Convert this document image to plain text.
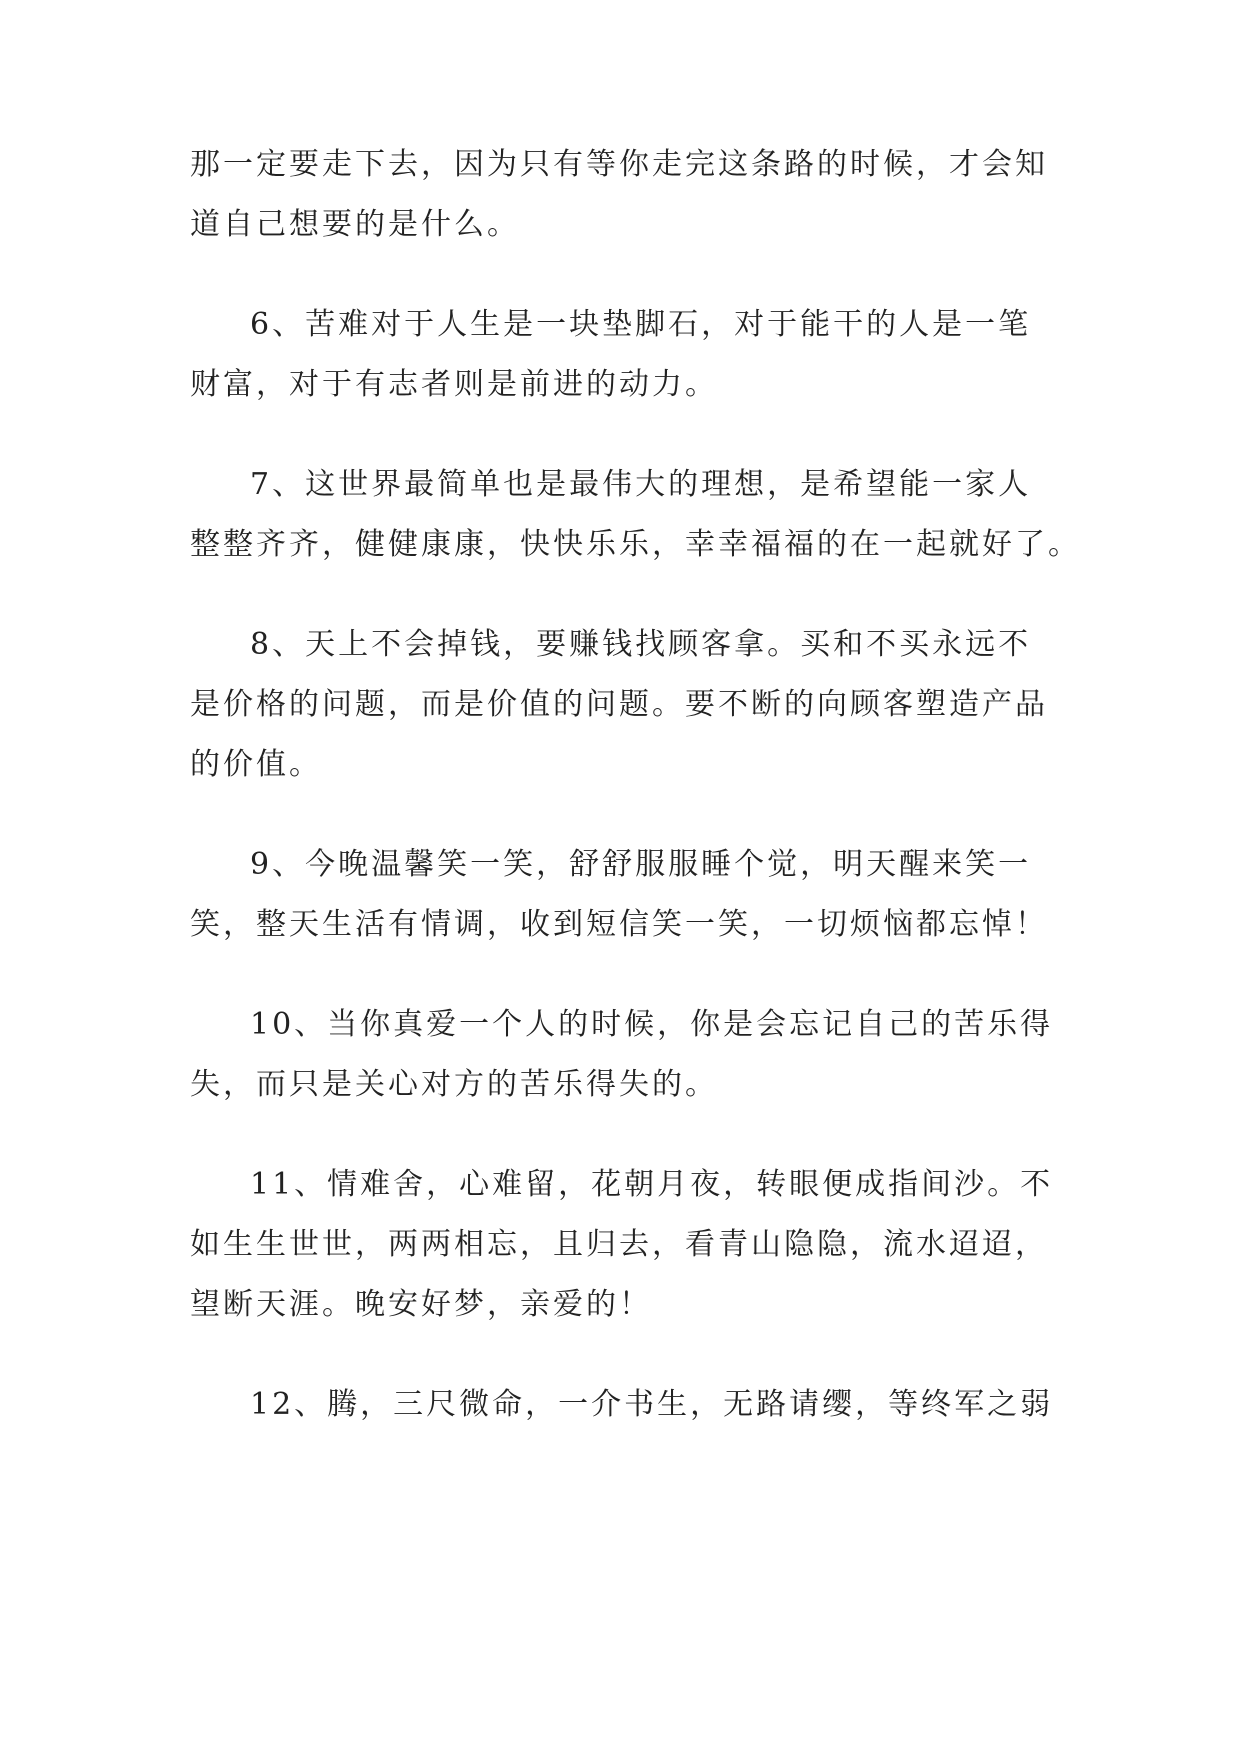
那一定要走下去，因为只有等你走完这条路的时候，才会知
道自己想要的是什么。
6、苦难对于人生是一块垫脚石，对于能干的人是一笔
财富，对于有志者则是前进的动力。
7、这世界最简单也是最伟大的理想，是希望能一家人
整整齐齐，健健康康，快快乐乐，幸幸福福的在一起就好了。
8、天上不会掉钱，要赚钱找顾客拿。买和不买永远不
是价格的问题，而是价值的问题。要不断的向顾客塑造产品
的价值。
9、今晚温馨笑一笑，舒舒服服睡个觉，明天醒来笑一
笑，整天生活有情调，收到短信笑一笑，一切烦恼都忘悼！
10、当你真爱一个人的时候，你是会忘记自己的苦乐得
失，而只是关心对方的苦乐得失的。
11、情难舍，心难留，花朝月夜，转眼便成指间沙。不
如生生世世，两两相忘，且归去，看青山隐隐，流水迢迢，
望断天涯。晚安好梦，亲爱的！
12、腾，三尺微命，一介书生，无路请缨，等终军之弱
